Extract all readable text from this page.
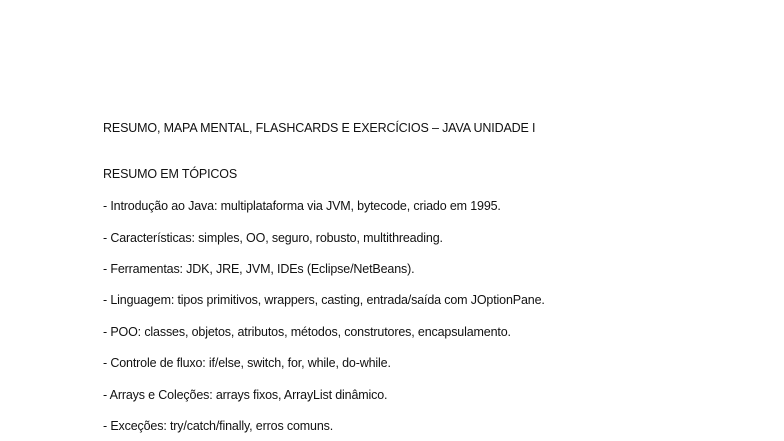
RESUMO, MAPA MENTAL, FLASHCARDS E EXERCÍCIOS – JAVA UNIDADE I
RESUMO EM TÓPICOS
- Introdução ao Java: multiplataforma via JVM, bytecode, criado em 1995.
- Características: simples, OO, seguro, robusto, multithreading.
- Ferramentas: JDK, JRE, JVM, IDEs (Eclipse/NetBeans).
- Linguagem: tipos primitivos, wrappers, casting, entrada/saída com JOptionPane.
- POO: classes, objetos, atributos, métodos, construtores, encapsulamento.
- Controle de fluxo: if/else, switch, for, while, do-while.
- Arrays e Coleções: arrays fixos, ArrayList dinâmico.
- Exceções: try/catch/finally, erros comuns.
